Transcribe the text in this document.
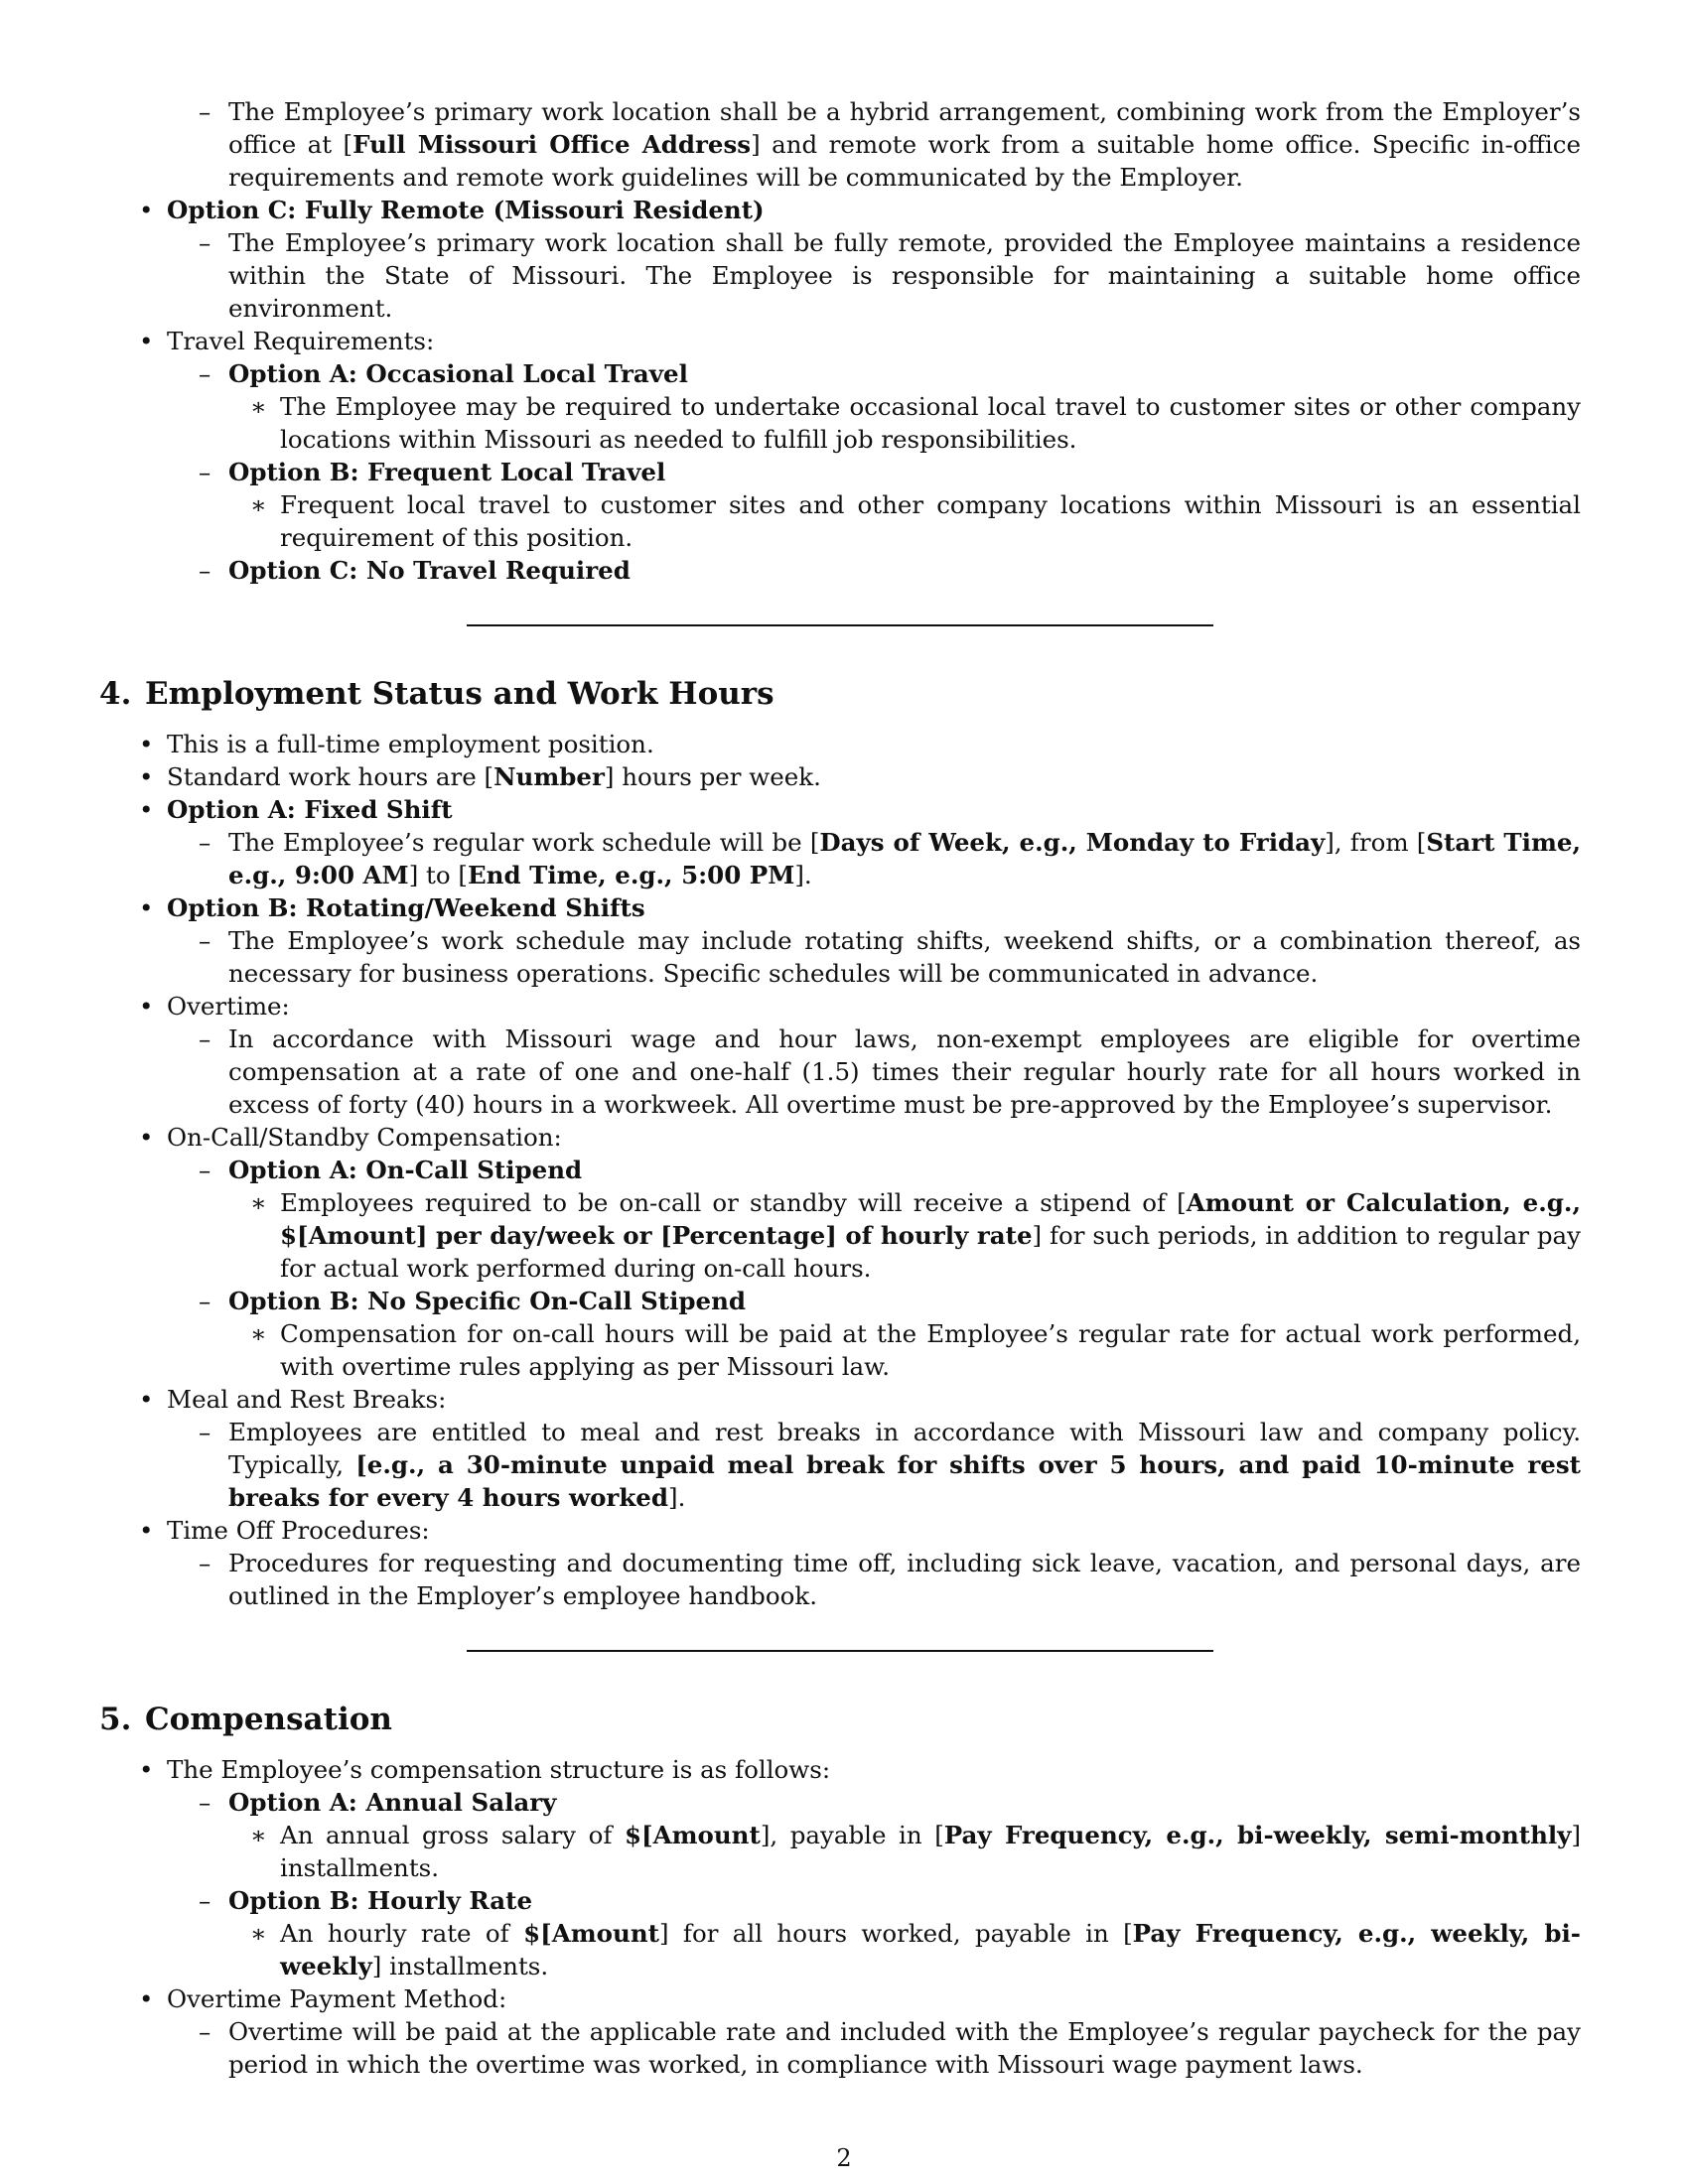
– The Employee’s primary work location shall be a hybrid arrangement, combining work from the Employer’s office at [Full Missouri Office Address] and remote work from a suitable home office. Specific in-office requirements and remote work guidelines will be communicated by the Employer.
• Option C: Fully Remote (Missouri Resident)
– The Employee’s primary work location shall be fully remote, provided the Employee maintains a residence within the State of Missouri. The Employee is responsible for maintaining a suitable home office environment.
• Travel Requirements:
– Option A: Occasional Local Travel
∗ The Employee may be required to undertake occasional local travel to customer sites or other company locations within Missouri as needed to fulfill job responsibilities.
– Option B: Frequent Local Travel
∗ Frequent local travel to customer sites and other company locations within Missouri is an essential requirement of this position.
– Option C: No Travel Required
4. Employment Status and Work Hours
• This is a full-time employment position.
• Standard work hours are [Number] hours per week.
• Option A: Fixed Shift
– The Employee’s regular work schedule will be [Days of Week, e.g., Monday to Friday], from [Start Time, e.g., 9:00 AM] to [End Time, e.g., 5:00 PM].
• Option B: Rotating/Weekend Shifts
– The Employee’s work schedule may include rotating shifts, weekend shifts, or a combination thereof, as necessary for business operations. Specific schedules will be communicated in advance.
• Overtime:
– In accordance with Missouri wage and hour laws, non-exempt employees are eligible for overtime compensation at a rate of one and one-half (1.5) times their regular hourly rate for all hours worked in excess of forty (40) hours in a workweek. All overtime must be pre-approved by the Employee’s supervisor.
• On-Call/Standby Compensation:
– Option A: On-Call Stipend
∗ Employees required to be on-call or standby will receive a stipend of [Amount or Calculation, e.g., $[Amount] per day/week or [Percentage] of hourly rate] for such periods, in addition to regular pay for actual work performed during on-call hours.
– Option B: No Specific On-Call Stipend
∗ Compensation for on-call hours will be paid at the Employee’s regular rate for actual work performed, with overtime rules applying as per Missouri law.
• Meal and Rest Breaks:
– Employees are entitled to meal and rest breaks in accordance with Missouri law and company policy. Typically, [e.g., a 30-minute unpaid meal break for shifts over 5 hours, and paid 10-minute rest breaks for every 4 hours worked].
• Time Off Procedures:
– Procedures for requesting and documenting time off, including sick leave, vacation, and personal days, are outlined in the Employer’s employee handbook.
5. Compensation
• The Employee’s compensation structure is as follows:
– Option A: Annual Salary
∗ An annual gross salary of $[Amount], payable in [Pay Frequency, e.g., bi-weekly, semi-monthly] installments.
– Option B: Hourly Rate
∗ An hourly rate of $[Amount] for all hours worked, payable in [Pay Frequency, e.g., weekly, bi-weekly] installments.
• Overtime Payment Method:
– Overtime will be paid at the applicable rate and included with the Employee’s regular paycheck for the pay period in which the overtime was worked, in compliance with Missouri wage payment laws.
2
